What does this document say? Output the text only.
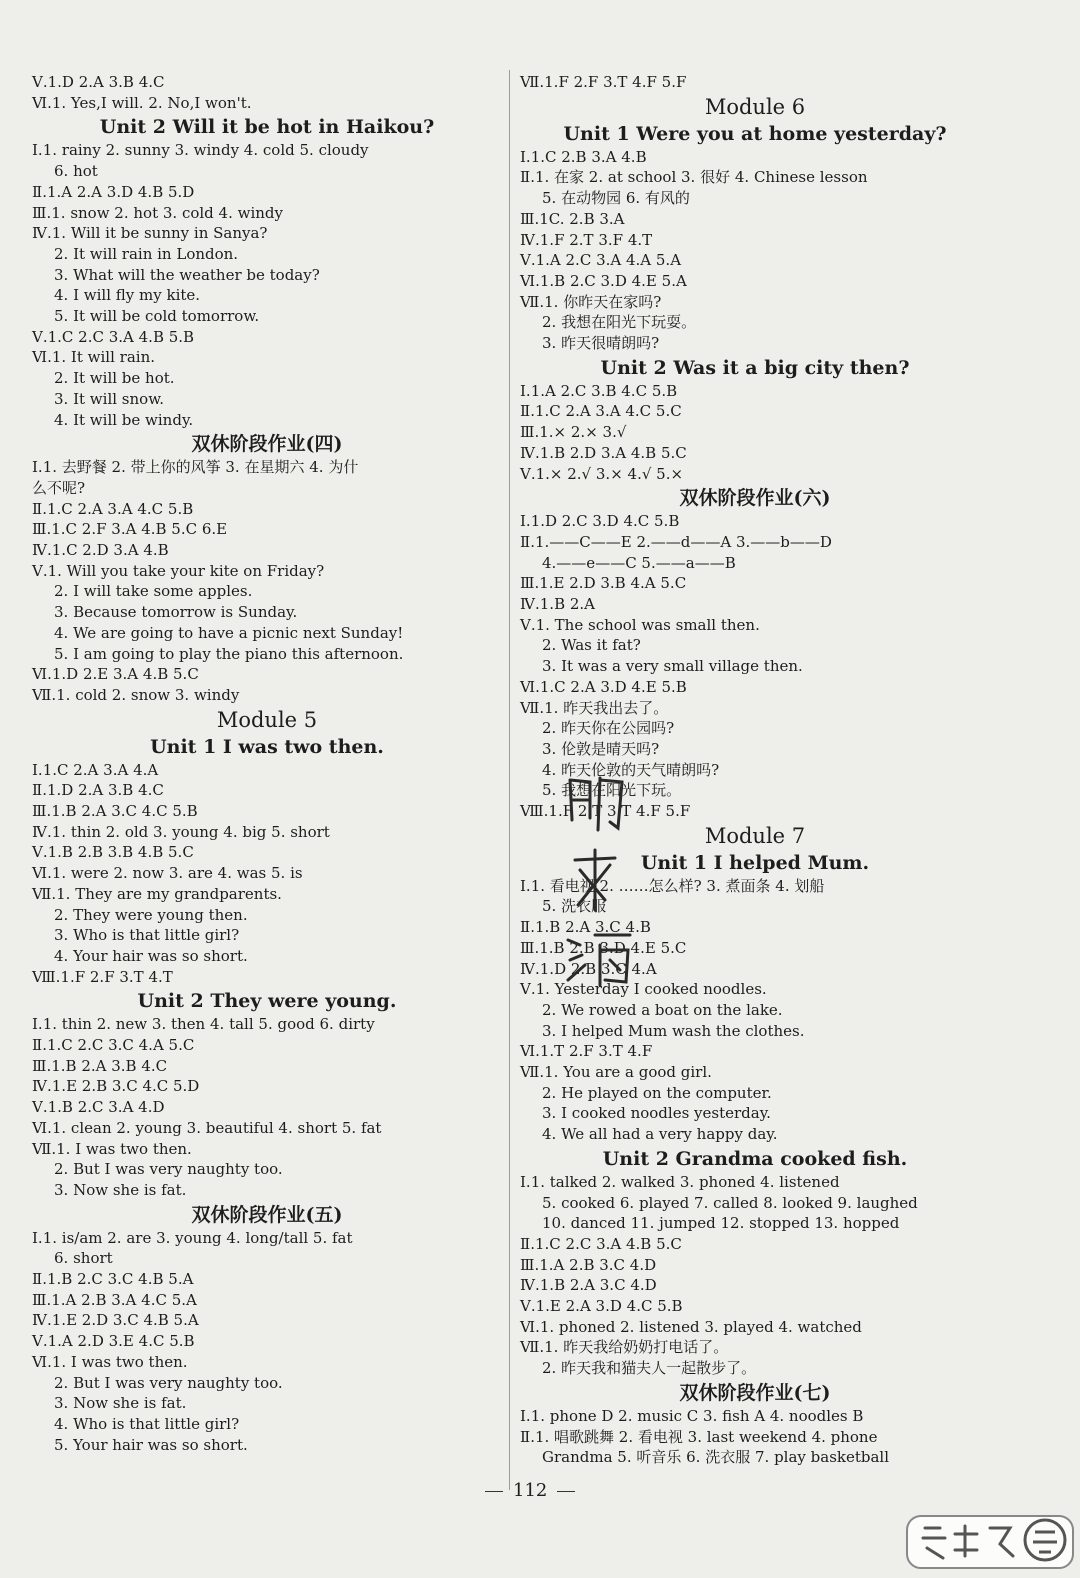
Ⅴ.1.D 2.A 3.B 4.C
Ⅵ.1. Yes,I will. 2. No,I won't.
Unit 2 Will it be hot in Haikou?
Ⅰ.1. rainy 2. sunny 3. windy 4. cold 5. cloudy
6. hot
Ⅱ.1.A 2.A 3.D 4.B 5.D
Ⅲ.1. snow 2. hot 3. cold 4. windy
Ⅳ.1. Will it be sunny in Sanya?
2. It will rain in London.
3. What will the weather be today?
4. I will fly my kite.
5. It will be cold tomorrow.
Ⅴ.1.C 2.C 3.A 4.B 5.B
Ⅵ.1. It will rain.
2. It will be hot.
3. It will snow.
4. It will be windy.
双休阶段作业(四)
Ⅰ.1. 去野餐 2. 带上你的风筝 3. 在星期六 4. 为什
么不呢?
Ⅱ.1.C 2.A 3.A 4.C 5.B
Ⅲ.1.C 2.F 3.A 4.B 5.C 6.E
Ⅳ.1.C 2.D 3.A 4.B
Ⅴ.1. Will you take your kite on Friday?
2. I will take some apples.
3. Because tomorrow is Sunday.
4. We are going to have a picnic next Sunday!
5. I am going to play the piano this afternoon.
Ⅵ.1.D 2.E 3.A 4.B 5.C
Ⅶ.1. cold 2. snow 3. windy
Module 5
Unit 1 I was two then.
Ⅰ.1.C 2.A 3.A 4.A
Ⅱ.1.D 2.A 3.B 4.C
Ⅲ.1.B 2.A 3.C 4.C 5.B
Ⅳ.1. thin 2. old 3. young 4. big 5. short
Ⅴ.1.B 2.B 3.B 4.B 5.C
Ⅵ.1. were 2. now 3. are 4. was 5. is
Ⅶ.1. They are my grandparents.
2. They were young then.
3. Who is that little girl?
4. Your hair was so short.
Ⅷ.1.F 2.F 3.T 4.T
Unit 2 They were young.
Ⅰ.1. thin 2. new 3. then 4. tall 5. good 6. dirty
Ⅱ.1.C 2.C 3.C 4.A 5.C
Ⅲ.1.B 2.A 3.B 4.C
Ⅳ.1.E 2.B 3.C 4.C 5.D
Ⅴ.1.B 2.C 3.A 4.D
Ⅵ.1. clean 2. young 3. beautiful 4. short 5. fat
Ⅶ.1. I was two then.
2. But I was very naughty too.
3. Now she is fat.
双休阶段作业(五)
Ⅰ.1. is/am 2. are 3. young 4. long/tall 5. fat
6. short
Ⅱ.1.B 2.C 3.C 4.B 5.A
Ⅲ.1.A 2.B 3.A 4.C 5.A
Ⅳ.1.E 2.D 3.C 4.B 5.A
Ⅴ.1.A 2.D 3.E 4.C 5.B
Ⅵ.1. I was two then.
2. But I was very naughty too.
3. Now she is fat.
4. Who is that little girl?
5. Your hair was so short.
Ⅶ.1.F 2.F 3.T 4.F 5.F
Module 6
Unit 1 Were you at home yesterday?
Ⅰ.1.C 2.B 3.A 4.B
Ⅱ.1. 在家 2. at school 3. 很好 4. Chinese lesson
5. 在动物园 6. 有风的
Ⅲ.1C. 2.B 3.A
Ⅳ.1.F 2.T 3.F 4.T
Ⅴ.1.A 2.C 3.A 4.A 5.A
Ⅵ.1.B 2.C 3.D 4.E 5.A
Ⅶ.1. 你昨天在家吗?
2. 我想在阳光下玩耍。
3. 昨天很晴朗吗?
Unit 2 Was it a big city then?
Ⅰ.1.A 2.C 3.B 4.C 5.B
Ⅱ.1.C 2.A 3.A 4.C 5.C
Ⅲ.1.× 2.× 3.√
Ⅳ.1.B 2.D 3.A 4.B 5.C
Ⅴ.1.× 2.√ 3.× 4.√ 5.×
双休阶段作业(六)
Ⅰ.1.D 2.C 3.D 4.C 5.B
Ⅱ.1.——C——E 2.——d——A 3.——b——D
4.——e——C 5.——a——B
Ⅲ.1.E 2.D 3.B 4.A 5.C
Ⅳ.1.B 2.A
Ⅴ.1. The school was small then.
2. Was it fat?
3. It was a very small village then.
Ⅵ.1.C 2.A 3.D 4.E 5.B
Ⅶ.1. 昨天我出去了。
2. 昨天你在公园吗?
3. 伦敦是晴天吗?
4. 昨天伦敦的天气晴朗吗?
5. 我想在阳光下玩。
Ⅷ.1.F 2.T 3.T 4.F 5.F
Module 7
Unit 1 I helped Mum.
Ⅰ.1. 看电视 2. ……怎么样? 3. 煮面条 4. 划船
5. 洗衣服
Ⅱ.1.B 2.A 3.C 4.B
Ⅲ.1.B 2.B 3.D 4.E 5.C
Ⅳ.1.D 2.B 3.C 4.A
Ⅴ.1. Yesterday I cooked noodles.
2. We rowed a boat on the lake.
3. I helped Mum wash the clothes.
Ⅵ.1.T 2.F 3.T 4.F
Ⅶ.1. You are a good girl.
2. He played on the computer.
3. I cooked noodles yesterday.
4. We all had a very happy day.
Unit 2 Grandma cooked fish.
Ⅰ.1. talked 2. walked 3. phoned 4. listened
5. cooked 6. played 7. called 8. looked 9. laughed
10. danced 11. jumped 12. stopped 13. hopped
Ⅱ.1.C 2.C 3.A 4.B 5.C
Ⅲ.1.A 2.B 3.C 4.D
Ⅳ.1.B 2.A 3.C 4.D
Ⅴ.1.E 2.A 3.D 4.C 5.B
Ⅵ.1. phoned 2. listened 3. played 4. watched
Ⅶ.1. 昨天我给奶奶打电话了。
2. 昨天我和猫夫人一起散步了。
双休阶段作业(七)
Ⅰ.1. phone D 2. music C 3. fish A 4. noodles B
Ⅱ.1. 唱歌跳舞 2. 看电视 3. last weekend 4. phone
Grandma 5. 听音乐 6. 洗衣服 7. play basketball
112
